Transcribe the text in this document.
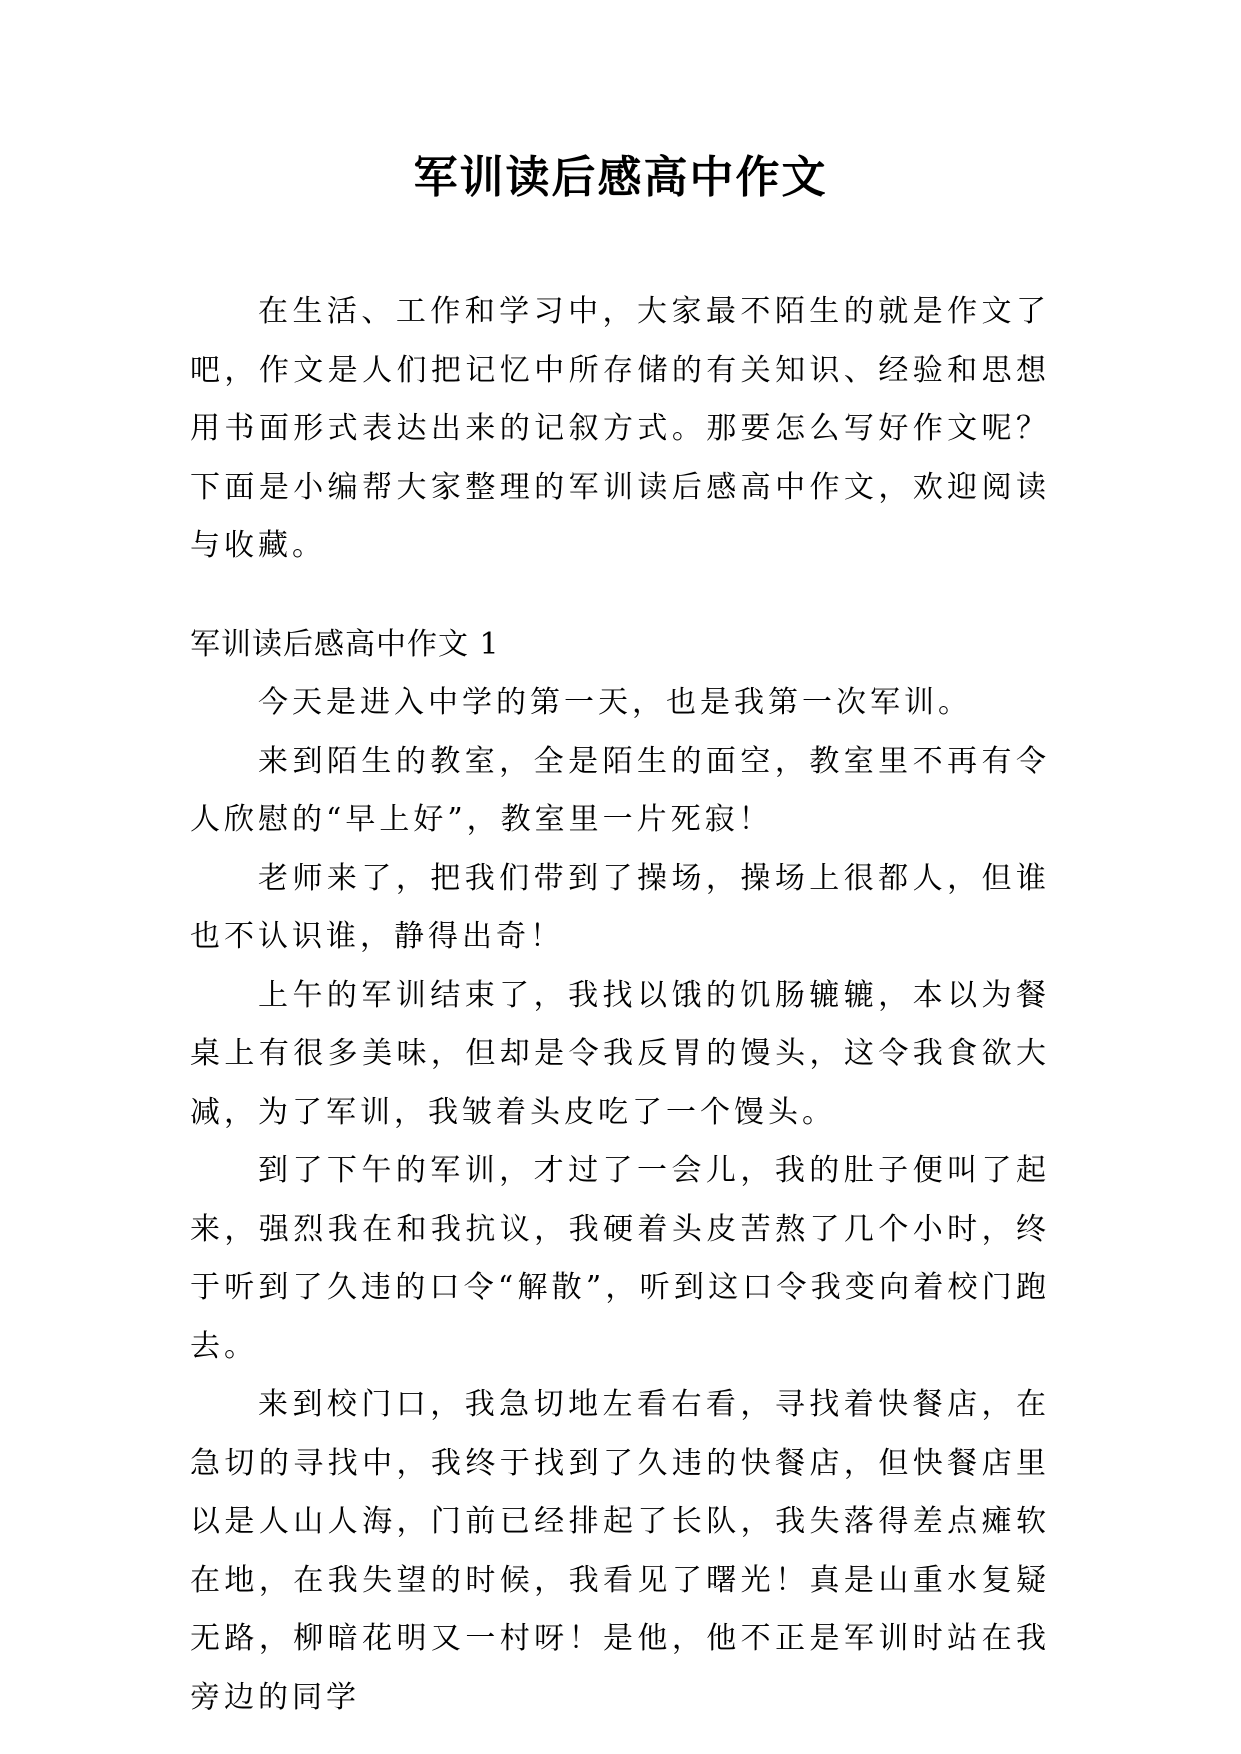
军训读后感高中作文

在生活、工作和学习中，大家最不陌生的就是作文了吧，作文是人们把记忆中所存储的有关知识、经验和思想用书面形式表达出来的记叙方式。那要怎么写好作文呢？下面是小编帮大家整理的军训读后感高中作文，欢迎阅读与收藏。

军训读后感高中作文 1

今天是进入中学的第一天，也是我第一次军训。

来到陌生的教室，全是陌生的面空，教室里不再有令人欣慰的“早上好”，教室里一片死寂！

老师来了，把我们带到了操场，操场上很都人，但谁也不认识谁，静得出奇！

上午的军训结束了，我找以饿的饥肠辘辘，本以为餐桌上有很多美味，但却是令我反胃的馒头，这令我食欲大减，为了军训，我皱着头皮吃了一个馒头。

到了下午的军训，才过了一会儿，我的肚子便叫了起来，强烈我在和我抗议，我硬着头皮苦熬了几个小时，终于听到了久违的口令“解散”，听到这口令我变向着校门跑去。

来到校门口，我急切地左看右看，寻找着快餐店，在急切的寻找中，我终于找到了久违的快餐店，但快餐店里以是人山人海，门前已经排起了长队，我失落得差点瘫软在地，在我失望的时候，我看见了曙光！真是山重水复疑无路，柳暗花明又一村呀！是他，他不正是军训时站在我旁边的同学
